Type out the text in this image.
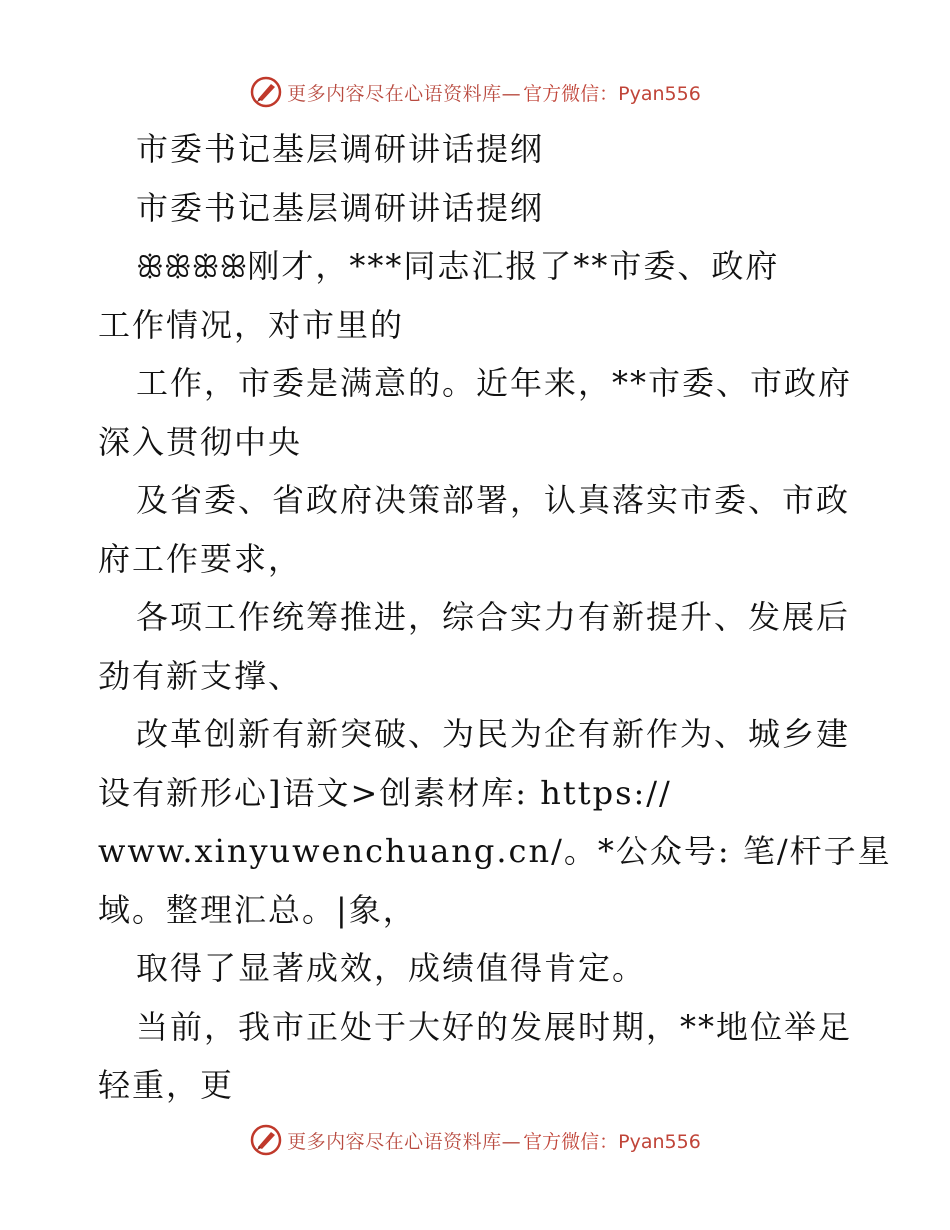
更多内容尽在心语资料库— 官方微信：Pyan556
市委书记基层调研讲话提纲
市委书记基层调研讲话提纲
ꕥꕥꕥꕥ刚才，***同志汇报了**市委、政府
工作情况，对市里的
工作，市委是满意的。近年来，**市委、市政府
深入贯彻中央
及省委、省政府决策部署，认真落实市委、市政
府工作要求，
各项工作统筹推进，综合实力有新提升、发展后
劲有新支撑、
改革创新有新突破、为民为企有新作为、城乡建
设有新形心]语文>创素材库: https://
www.xinyuwenchuang.cn/。*公众号: 笔/杆子星
域。整理汇总。|象，
取得了显著成效，成绩值得肯定。
当前，我市正处于大好的发展时期，**地位举足
轻重，更
更多内容尽在心语资料库— 官方微信：Pyan556
